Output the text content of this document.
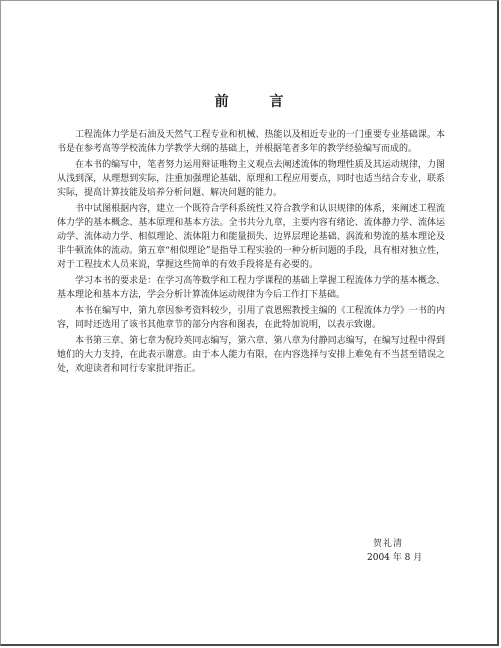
前 言

工程流体力学是石油及天然气工程专业和机械、热能以及相近专业的一门重要专业基础课。本书是在参考高等学校流体力学教学大纲的基础上，并根据笔者多年的教学经验编写而成的。

在本书的编写中，笔者努力运用辩证唯物主义观点去阐述流体的物理性质及其运动规律，力图从浅到深，从理想到实际，注重加强理论基础、原理和工程应用要点，同时也适当结合专业，联系实际，提高计算技能及培养分析问题、解决问题的能力。

书中试图根据内容，建立一个既符合学科系统性又符合教学和认识规律的体系，来阐述工程流体力学的基本概念、基本原理和基本方法。全书共分九章，主要内容有绪论、流体静力学、流体运动学、流体动力学、相似理论、流体阻力和能量损失、边界层理论基础、涡流和势流的基本理论及非牛顿流体的流动。第五章“相似理论”是指导工程实验的一种分析问题的手段，具有相对独立性，对于工程技术人员来说，掌握这些简单的有效手段将是有必要的。

学习本书的要求是：在学习高等数学和工程力学课程的基础上掌握工程流体力学的基本概念、基本理论和基本方法，学会分析计算流体运动规律为今后工作打下基础。

本书在编写中，第九章因参考资料较少，引用了袁恩熙教授主编的《工程流体力学》一书的内容，同时还选用了该书其他章节的部分内容和图表，在此特加说明，以表示致谢。

本书第三章、第七章为倪玲英同志编写，第六章、第八章为付静同志编写，在编写过程中得到她们的大力支持，在此表示谢意。由于本人能力有限，在内容选择与安排上难免有不当甚至错误之处，欢迎读者和同行专家批评指正。

贺礼清
2004 年 8 月
